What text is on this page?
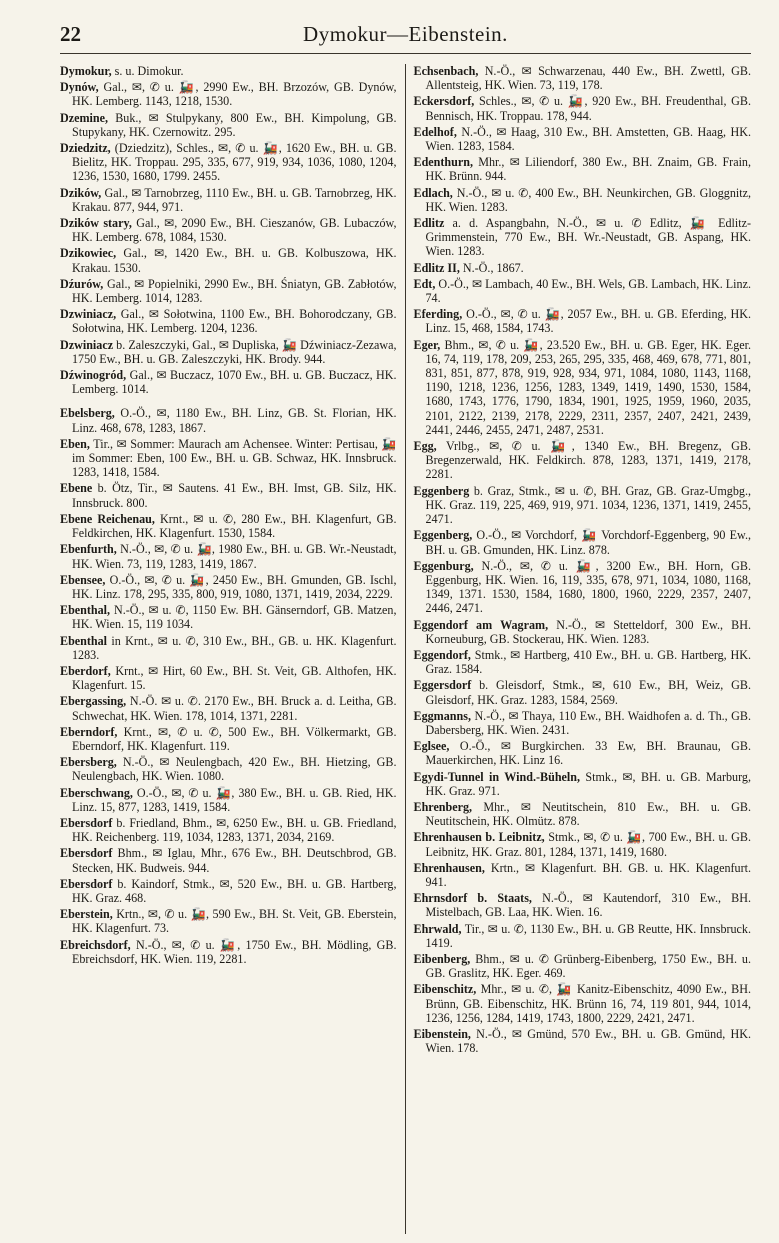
22	Dymokur—Eibenstein.

Dymokur, s. u. Dimokur.

Dynów, Gal., ✉, ✆ u. 🚂, 2990 Ew., BH. Brzozów, GB. Dynów, HK. Lemberg. 1143, 1218, 1530.

Dzemine, Buk., ✉ Stulpykany, 800 Ew., BH. Kimpolung, GB. Stupykany, HK. Czernowitz. 295.

Dziedzitz, (Dziedzitz), Schles., ✉, ✆ u. 🚂, 1620 Ew., BH. u. GB. Bielitz, HK. Troppau. 295, 335, 677, 919, 934, 1036, 1080, 1204, 1236, 1530, 1680, 1799. 2455.

Dzików, Gal., ✉ Tarnobrzeg, 1110 Ew., BH. u. GB. Tarnobrzeg, HK. Krakau. 877, 944, 971.

Dzików stary, Gal., ✉, 2090 Ew., BH. Cieszanów, GB. Lubaczów, HK. Lemberg. 678, 1084, 1530.

Dzikowiec, Gal., ✉, 1420 Ew., BH. u. GB. Kolbuszowa, HK. Krakau. 1530.

Dźurów, Gal., ✉ Popielniki, 2990 Ew., BH. Śniatyn, GB. Zabłotów, HK. Lemberg. 1014, 1283.

Dzwiniacz, Gal., ✉ Sołotwina, 1100 Ew., BH. Bohorodczany, GB. Sołotwina, HK. Lemberg. 1204, 1236.

Dzwiniacz b. Zaleszczyki, Gal., ✉ Dupliska, 🚂 Dźwiniacz-Zezawa, 1750 Ew., BH. u. GB. Zaleszczyki, HK. Brody. 944.

Dźwinogród, Gal., ✉ Buczacz, 1070 Ew., BH. u. GB. Buczacz, HK. Lemberg. 1014.

Ebelsberg, O.-Ö., ✉, 1180 Ew., BH. Linz, GB. St. Florian, HK. Linz. 468, 678, 1283, 1867.

Eben, Tir., ✉ Sommer: Maurach am Achensee. Winter: Pertisau, 🚂 im Sommer: Eben, 100 Ew., BH. u. GB. Schwaz, HK. Innsbruck. 1283, 1418, 1584.

Ebene b. Ötz, Tir., ✉ Sautens. 41 Ew., BH. Imst, GB. Silz, HK. Innsbruck. 800.

Ebene Reichenau, Krnt., ✉ u. ✆, 280 Ew., BH. Klagenfurt, GB. Feldkirchen, HK. Klagenfurt. 1530, 1584.

Ebenfurth, N.-Ö., ✉, ✆ u. 🚂, 1980 Ew., BH. u. GB. Wr.-Neustadt, HK. Wien. 73, 119, 1283, 1419, 1867.

Ebensee, O.-Ö., ✉, ✆ u. 🚂, 2450 Ew., BH. Gmunden, GB. Ischl, HK. Linz. 178, 295, 335, 800, 919, 1080, 1371, 1419, 2034, 2229.

Ebenthal, N.-Ö., ✉ u. ✆, 1150 Ew. BH. Gänserndorf, GB. Matzen, HK. Wien. 15, 119 1034.

Ebenthal in Krnt., ✉ u. ✆, 310 Ew., BH., GB. u. HK. Klagenfurt. 1283.

Eberdorf, Krnt., ✉ Hirt, 60 Ew., BH. St. Veit, GB. Althofen, HK. Klagenfurt. 15.

Ebergassing, N.-Ö. ✉ u. ✆. 2170 Ew., BH. Bruck a. d. Leitha, GB. Schwechat, HK. Wien. 178, 1014, 1371, 2281.

Eberndorf, Krnt., ✉, ✆ u. ✆, 500 Ew., BH. Völkermarkt, GB. Eberndorf, HK. Klagenfurt. 119.

Ebersberg, N.-Ö., ✉ Neulengbach, 420 Ew., BH. Hietzing, GB. Neulengbach, HK. Wien. 1080.

Eberschwang, O.-Ö., ✉, ✆ u. 🚂, 380 Ew., BH. u. GB. Ried, HK. Linz. 15, 877, 1283, 1419, 1584.

Ebersdorf b. Friedland, Bhm., ✉, 6250 Ew., BH. u. GB. Friedland, HK. Reichenberg. 119, 1034, 1283, 1371, 2034, 2169.

Ebersdorf Bhm., ✉ Iglau, Mhr., 676 Ew., BH. Deutschbrod, GB. Stecken, HK. Budweis. 944.

Ebersdorf b. Kaindorf, Stmk., ✉, 520 Ew., BH. u. GB. Hartberg, HK. Graz. 468.

Eberstein, Krtn., ✉, ✆ u. 🚂, 590 Ew., BH. St. Veit, GB. Eberstein, HK. Klagenfurt. 73.

Ebreichsdorf, N.-Ö., ✉, ✆ u. 🚂, 1750 Ew., BH. Mödling, GB. Ebreichsdorf, HK. Wien. 119, 2281.

Echsenbach, N.-Ö., ✉ Schwarzenau, 440 Ew., BH. Zwettl, GB. Allentsteig, HK. Wien. 73, 119, 178.

Eckersdorf, Schles., ✉, ✆ u. 🚂, 920 Ew., BH. Freudenthal, GB. Bennisch, HK. Troppau. 178, 944.

Edelhof, N.-Ö., ✉ Haag, 310 Ew., BH. Amstetten, GB. Haag, HK. Wien. 1283, 1584.

Edenthurn, Mhr., ✉ Liliendorf, 380 Ew., BH. Znaim, GB. Frain, HK. Brünn. 944.

Edlach, N.-Ö., ✉ u. ✆, 400 Ew., BH. Neunkirchen, GB. Gloggnitz, HK. Wien. 1283.

Edlitz a. d. Aspangbahn, N.-Ö., ✉ u. ✆ Edlitz, 🚂 Edlitz-Grimmenstein, 770 Ew., BH. Wr.-Neustadt, GB. Aspang, HK. Wien. 1283.

Edlitz II, N.-Ö., 1867.

Edt, O.-Ö., ✉ Lambach, 40 Ew., BH. Wels, GB. Lambach, HK. Linz. 74.

Eferding, O.-Ö., ✉, ✆ u. 🚂, 2057 Ew., BH. u. GB. Eferding, HK. Linz. 15, 468, 1584, 1743.

Eger, Bhm., ✉, ✆ u. 🚂, 23.520 Ew., BH. u. GB. Eger, HK. Eger. 16, 74, 119, 178, 209, 253, 265, 295, 335, 468, 469, 678, 771, 801, 831, 851, 877, 878, 919, 928, 934, 971, 1084, 1080, 1143, 1168, 1190, 1218, 1236, 1256, 1283, 1349, 1419, 1490, 1530, 1584, 1680, 1743, 1776, 1790, 1834, 1901, 1925, 1959, 1960, 2035, 2101, 2122, 2139, 2178, 2229, 2311, 2357, 2407, 2421, 2439, 2441, 2446, 2455, 2471, 2487, 2531.

Egg, Vrlbg., ✉, ✆ u. 🚂, 1340 Ew., BH. Bregenz, GB. Bregenzerwald, HK. Feldkirch. 878, 1283, 1371, 1419, 2178, 2281.

Eggenberg b. Graz, Stmk., ✉ u. ✆, BH. Graz, GB. Graz-Umgbg., HK. Graz. 119, 225, 469, 919, 971. 1034, 1236, 1371, 1419, 2455, 2471.

Eggenberg, O.-Ö., ✉ Vorchdorf, 🚂 Vorchdorf-Eggenberg, 90 Ew., BH. u. GB. Gmunden, HK. Linz. 878.

Eggenburg, N.-Ö., ✉, ✆ u. 🚂, 3200 Ew., BH. Horn, GB. Eggenburg, HK. Wien. 16, 119, 335, 678, 971, 1034, 1080, 1168, 1349, 1371. 1530, 1584, 1680, 1800, 1960, 2229, 2357, 2407, 2446, 2471.

Eggendorf am Wagram, N.-Ö., ✉ Stetteldorf, 300 Ew., BH. Korneuburg, GB. Stockerau, HK. Wien. 1283.

Eggendorf, Stmk., ✉ Hartberg, 410 Ew., BH. u. GB. Hartberg, HK. Graz. 1584.

Eggersdorf b. Gleisdorf, Stmk., ✉, 610 Ew., BH, Weiz, GB. Gleisdorf, HK. Graz. 1283, 1584, 2569.

Eggmanns, N.-Ö., ✉ Thaya, 110 Ew., BH. Waidhofen a. d. Th., GB. Dabersberg, HK. Wien. 2431.

Eglsee, O.-Ö., ✉ Burgkirchen. 33 Ew, BH. Braunau, GB. Mauerkirchen, HK. Linz 16.

Egydi-Tunnel in Wind.-Büheln, Stmk., ✉, BH. u. GB. Marburg, HK. Graz. 971.

Ehrenberg, Mhr., ✉ Neutitschein, 810 Ew., BH. u. GB. Neutitschein, HK. Olmütz. 878.

Ehrenhausen b. Leibnitz, Stmk., ✉, ✆ u. 🚂, 700 Ew., BH. u. GB. Leibnitz, HK. Graz. 801, 1284, 1371, 1419, 1680.

Ehrenhausen, Krtn., ✉ Klagenfurt. BH. GB. u. HK. Klagenfurt. 941.

Ehrnsdorf b. Staats, N.-Ö., ✉ Kautendorf, 310 Ew., BH. Mistelbach, GB. Laa, HK. Wien. 16.

Ehrwald, Tir., ✉ u. ✆, 1130 Ew., BH. u. GB Reutte, HK. Innsbruck. 1419.

Eibenberg, Bhm., ✉ u. ✆ Grünberg-Eibenberg, 1750 Ew., BH. u. GB. Graslitz, HK. Eger. 469.

Eibenschitz, Mhr., ✉ u. ✆, 🚂 Kanitz-Eibenschitz, 4090 Ew., BH. Brünn, GB. Eibenschitz, HK. Brünn 16, 74, 119 801, 944, 1014, 1236, 1256, 1284, 1419, 1743, 1800, 2229, 2421, 2471.

Eibenstein, N.-Ö., ✉ Gmünd, 570 Ew., BH. u. GB. Gmünd, HK. Wien. 178.
